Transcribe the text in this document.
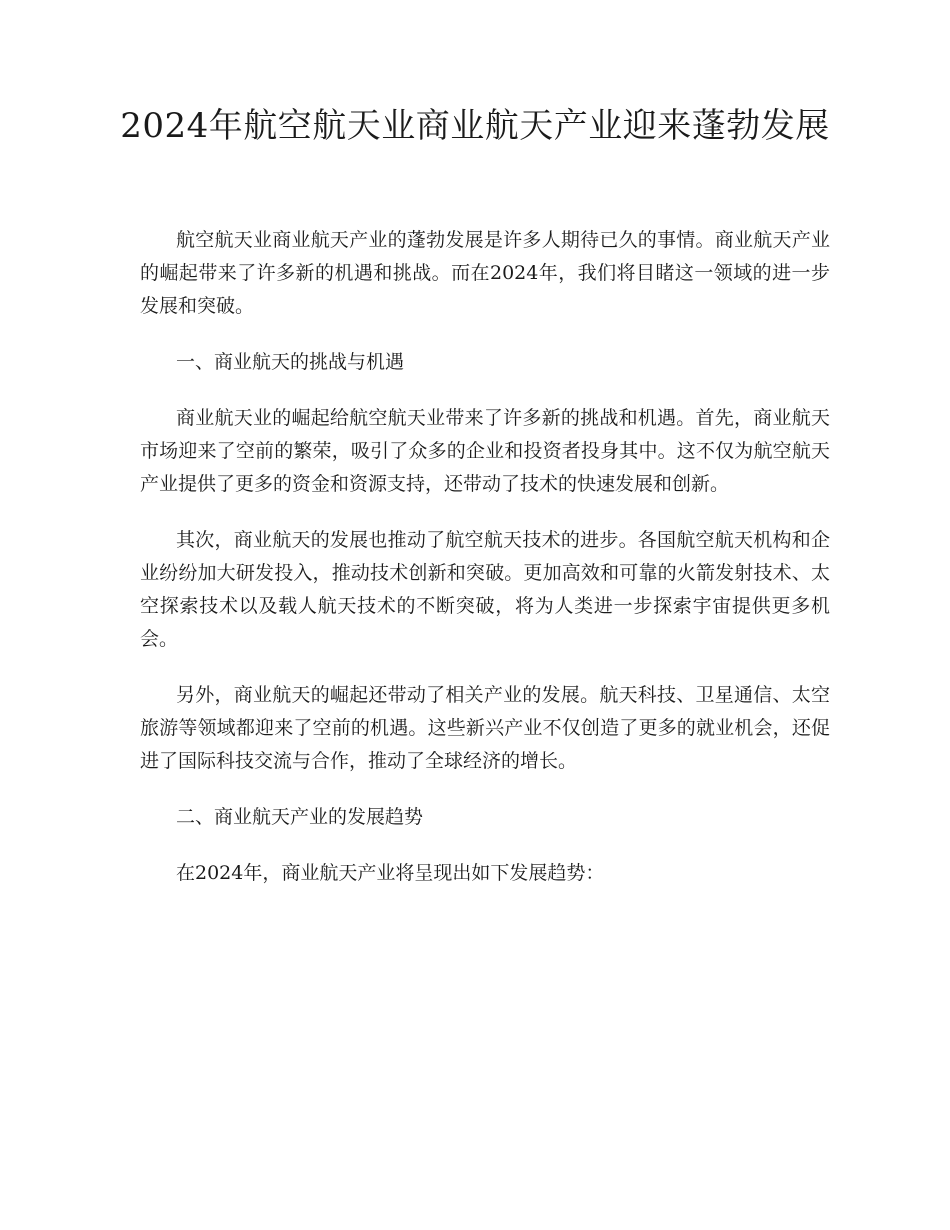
2024年航空航天业商业航天产业迎来蓬勃发展

航空航天业商业航天产业的蓬勃发展是许多人期待已久的事情。商业航天产业的崛起带来了许多新的机遇和挑战。而在2024年，我们将目睹这一领域的进一步发展和突破。

一、商业航天的挑战与机遇

商业航天业的崛起给航空航天业带来了许多新的挑战和机遇。首先，商业航天市场迎来了空前的繁荣，吸引了众多的企业和投资者投身其中。这不仅为航空航天产业提供了更多的资金和资源支持，还带动了技术的快速发展和创新。

其次，商业航天的发展也推动了航空航天技术的进步。各国航空航天机构和企业纷纷加大研发投入，推动技术创新和突破。更加高效和可靠的火箭发射技术、太空探索技术以及载人航天技术的不断突破，将为人类进一步探索宇宙提供更多机会。

另外，商业航天的崛起还带动了相关产业的发展。航天科技、卫星通信、太空旅游等领域都迎来了空前的机遇。这些新兴产业不仅创造了更多的就业机会，还促进了国际科技交流与合作，推动了全球经济的增长。

二、商业航天产业的发展趋势

在2024年，商业航天产业将呈现出如下发展趋势：
